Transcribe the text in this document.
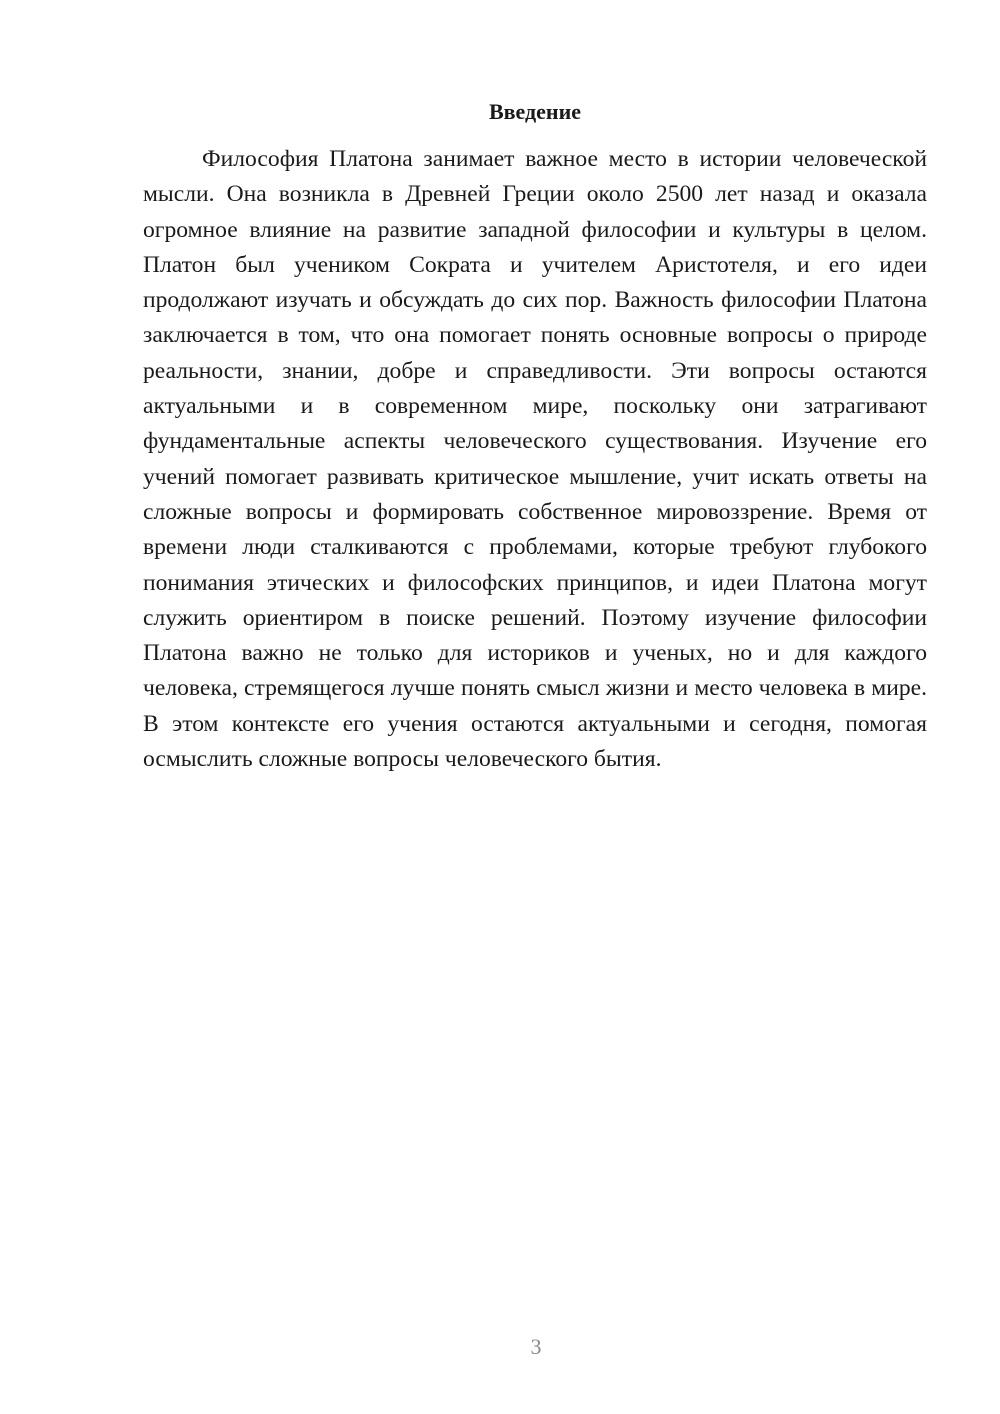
Введение

Философия Платона занимает важное место в истории человеческой мысли. Она возникла в Древней Греции около 2500 лет назад и оказала огромное влияние на развитие западной философии и культуры в целом. Платон был учеником Сократа и учителем Аристотеля, и его идеи продолжают изучать и обсуждать до сих пор. Важность философии Платона заключается в том, что она помогает понять основные вопросы о природе реальности, знании, добре и справедливости. Эти вопросы остаются актуальными и в современном мире, поскольку они затрагивают фундаментальные аспекты человеческого существования. Изучение его учений помогает развивать критическое мышление, учит искать ответы на сложные вопросы и формировать собственное мировоззрение. Время от времени люди сталкиваются с проблемами, которые требуют глубокого понимания этических и философских принципов, и идеи Платона могут служить ориентиром в поиске решений. Поэтому изучение философии Платона важно не только для историков и ученых, но и для каждого человека, стремящегося лучше понять смысл жизни и место человека в мире. В этом контексте его учения остаются актуальными и сегодня, помогая осмыслить сложные вопросы человеческого бытия.

3
